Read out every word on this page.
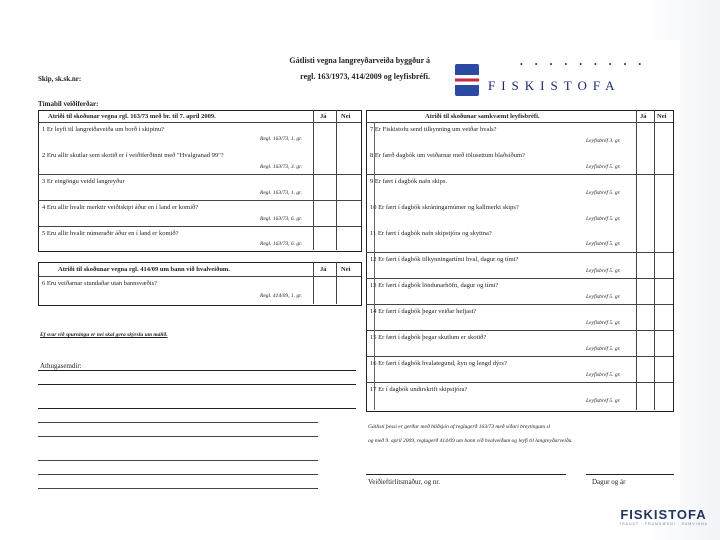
Skip, sk.sk.nr:
Gátlisti vegna langreyðarveiða byggður á
regl. 163/1973, 414/2009 og leyfisbréfi.
• • • • • • • • •
FISKISTOFA
Tímabil veiðiferðar:
Atriði til skoðunar vegna rgl. 163/73 með br. til 7. apríl 2009.	Já Nei
1 Er leyfi til langreiðaveiða um borð í skipinu?
Regl. 163/73, 1. gr.
2 Eru allir skutlar sem skotið er í veiðiferðinni með "Hvalgranad 99"?
Regl. 163/73, 3. gr.
3 Er eingöngu veidd langreyður
Regl. 163/73, 1. gr.
4 Eru allir hvalir merktir veiðiskipi áður en í land er komið?
Regl. 163/73, 6. gr.
5 Eru allir hvalir númeraðir áður en í land er komið?
Regl. 163/73, 6. gr.
Atriði til skoðunar vegna rgl. 414/09 um bann við hvalveiðum.	Já Nei
6 Eru veiðarnar stundaðar utan bannsvæðis?
Regl. 414/09, 1. gr.
Ef svar við spurningu er nei skal gera skýrslu um málið.
Athugasemdir:
Atriði til skoðunar samkvæmt leyfisbréfi.	Já Nei
7 Er Fiskistofu send tilkynning um veiðar hvals?
Leyfisbréf 3. gr.
8 Er færð dagbók um veiðarnar með tölusettum blaðsíðum?
Leyfisbréf 5. gr.
9 Er fært í dagbók nafn skips.
Leyfisbréf 5. gr.
10 Er fært í dagbók skráningarnúmer og kallmerki skips?
Leyfisbréf 5. gr.
11 Er fært í dagbók nafn skipstjóra og skyttna?
Leyfisbréf 5. gr.
12 Er fært í dagbók tilkynningartími hval, dagur og tími?
Leyfisbréf 5. gr.
13 Er fært í dagbók löndunarhöfn, dagur og tími?
Leyfisbréf 5. gr.
14 Er fært í dagbók þegar veiðar hefjast?
Leyfisbréf 5. gr.
15 Er fært í dagbók þegar skutlum er skotið?
Leyfisbréf 5. gr.
16 Er fært í dagbók hvalategund, kyn og lengd dýrs?
Leyfisbréf 5. gr.
17 Er í dagbók undirskrift skipstjóra?
Leyfisbréf 5. gr.
Gátlisti þessi er gerður með hliðsjón af reglugerð 163/73 með síðari breytingum sl
og með 9. apríl 2009, reglugerð 414/09 um bann við hvalveiðum og leyfi til langreyðarveiða.
Veiðieftirlitsmaður, og nr.	Dagur og ár
FISKISTOFA
TRAUST · FRAMSÆKNI · SAMVINNA
